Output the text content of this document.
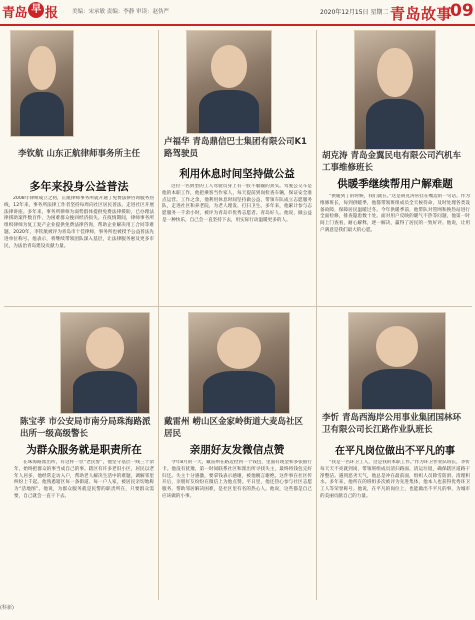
青岛 早 报	美编：宋承敏 责编：李静 审读：赵伪严	2020年12月15日 星期二 青岛故事
09
李钦航 山东正航律师事务所主任
多年来投身公益普法
2008年律师成立之初，正航律师事务所就开通了免费法律咨询服务热线，12年来，事务所法律工作者坚持每周向社区居民普法，走进社区开展法律讲座。多年来，事务所律师为弱势群体提供免费法律援助，已办理法律援助案件数百件，为困难群众挽回经济损失。在疫情期间，律师事务所组织律师为复工复产企业提供免费法律咨询，帮助企业解决用工合同等难题。2020年，李钦航被评为青岛市十佳律师，事务所也被授予公益普法先进单位称号。他表示，将继续带领团队深入基层，让法律服务惠及更多市民，为法治青岛建设贡献力量。
卢福华 青岛鼎信巴士集团有限公司K1路驾驶员
利用休息时间坚持做公益
这位一名典型的工人驾驶员身上有一股不服输的劲头。驾驶公交车是他的本职工作，他把乘客当作家人，每天提前到岗检查车辆，保证安全准点运营。工作之余，他利用休息时间坚持做公益，带领车队成立志愿服务队，走进社区和养老院，为老人理发、打扫卫生。多年来，他累计参与志愿服务一千余小时，被评为青岛市优秀志愿者、青岛好人。他说，做公益是一种快乐，自己会一直坚持下去，用实际行动温暖更多的人。
胡克涛 青岛金翼民电有限公司汽机车工事维修班长
供暖季继续帮用户解难题
“供暖到了的时候，我们就在。”这是胡克涛常挂在嘴边的一句话。作为维修班长，每到供暖季，他都带领班组成员全天候待命，及时处理各类设备故障，保障居民温暖过冬。今年供暖季前，他带队对管网和换热站进行全面检修，排查隐患数十处。面对用户反映的暖气不热等问题，他第一时间上门查看，耐心解释，逐一解决，赢得了居民的一致好评。他说，让用户满意是我们最大的心愿。
陈宝孝 市公安局市南分局珠海路派出所一级高级警长
为群众服务就是职责所在
在珠海路派出所，有这样一位“老民警”，他坚守基层一线三十余年，始终把群众的事当成自己的事。辖区有许多老旧小区，居民以老年人居多，他经常走访入户，帮助老人解决生活中的难题，调解邻里纠纷上千起。他熟悉辖区每一条街道、每一户人家，被居民亲切地称为“活地图”。他说，为群众服务就是民警的职责所在，只要群众需要，自己就会一直干下去。
戴雷州 崂山区金家岭街道大麦岛社区居民
亲朋好友发微信点赞
今年8月的一天，戴雷州在路边捡到一个钱包，里面有现金和多张银行卡。他没有犹豫，第一时间联系社区和派出所寻找失主，最终将钱包完好归还。失主十分感激，要拿钱表示感谢，被他婉言谢绝。这件事在社区传开后，亲朋好友纷纷在微信上为他点赞。平日里，他还热心参与社区志愿服务，帮助邻居解决困难，是社区里有名的热心人。他说，这些都是自己应该做的小事。
李忻 青岛西海岸公用事业集团国林环卫有限公司长江路作业队班长
在平凡岗位做出不平凡的事
“我是一名环卫工人，这是我的本职工作。”作为环卫作业队班长，李忻每天天不亮就到岗，带领班组成员清扫路面、清运垃圾，确保辖区道路干净整洁。遇到恶劣天气，他总是冲在最前面，组织人员除雪防滑、清理积水。多年来，他所在的班组多次被评为先进集体，他本人也获得优秀环卫工人等荣誉称号。他说，在平凡的岗位上，也能做出不平凡的事，为城市的美丽贡献自己的力量。
(科新)
